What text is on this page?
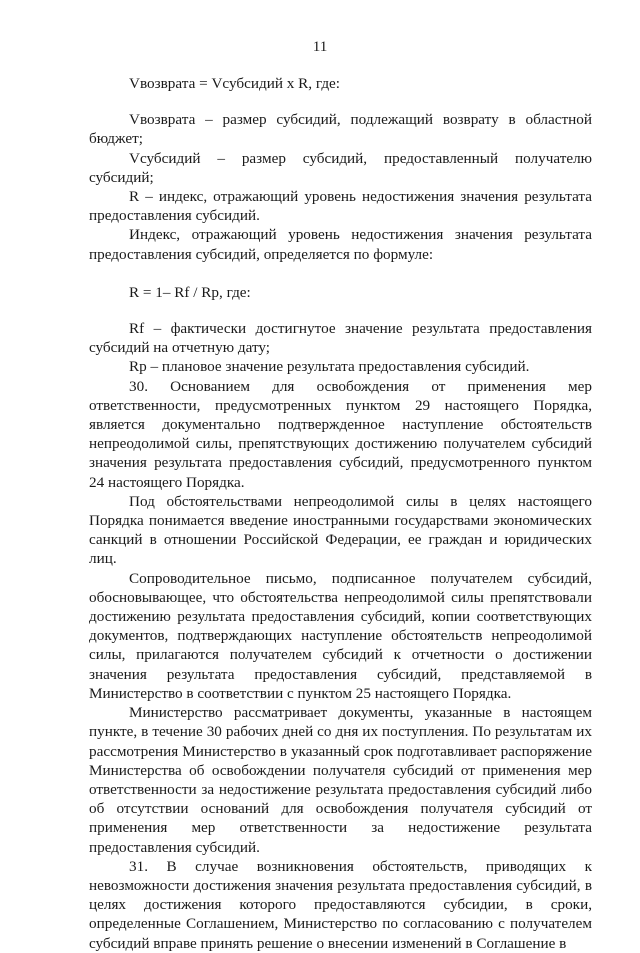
11

Vвозврата = Vсубсидий x R, где:

Vвозврата – размер субсидий, подлежащий возврату в областной бюджет;

Vсубсидий – размер субсидий, предоставленный получателю субсидий;

R – индекс, отражающий уровень недостижения значения результата предоставления субсидий.

Индекс, отражающий уровень недостижения значения результата предоставления субсидий, определяется по формуле:

R = 1– Rf / Rp, где:

Rf – фактически достигнутое значение результата предоставления субсидий на отчетную дату;

Rp – плановое значение результата предоставления субсидий.

30. Основанием для освобождения от применения мер ответственности, предусмотренных пунктом 29 настоящего Порядка, является документально подтвержденное наступление обстоятельств непреодолимой силы, препятствующих достижению получателем субсидий значения результата предоставления субсидий, предусмотренного пунктом 24 настоящего Порядка.

Под обстоятельствами непреодолимой силы в целях настоящего Порядка понимается введение иностранными государствами экономических санкций в отношении Российской Федерации, ее граждан и юридических лиц.

Сопроводительное письмо, подписанное получателем субсидий, обосновывающее, что обстоятельства непреодолимой силы препятствовали достижению результата предоставления субсидий, копии соответствующих документов, подтверждающих наступление обстоятельств непреодолимой силы, прилагаются получателем субсидий к отчетности о достижении значения результата предоставления субсидий, представляемой в Министерство в соответствии с пунктом 25 настоящего Порядка.

Министерство рассматривает документы, указанные в настоящем пункте, в течение 30 рабочих дней со дня их поступления. По результатам их рассмотрения Министерство в указанный срок подготавливает распоряжение Министерства об освобождении получателя субсидий от применения мер ответственности за недостижение результата предоставления субсидий либо об отсутствии оснований для освобождения получателя субсидий от применения мер ответственности за недостижение результата предоставления субсидий.

31. В случае возникновения обстоятельств, приводящих к невозможности достижения значения результата предоставления субсидий, в целях достижения которого предоставляются субсидии, в сроки, определенные Соглашением, Министерство по согласованию с получателем субсидий вправе принять решение о внесении изменений в Соглашение в
